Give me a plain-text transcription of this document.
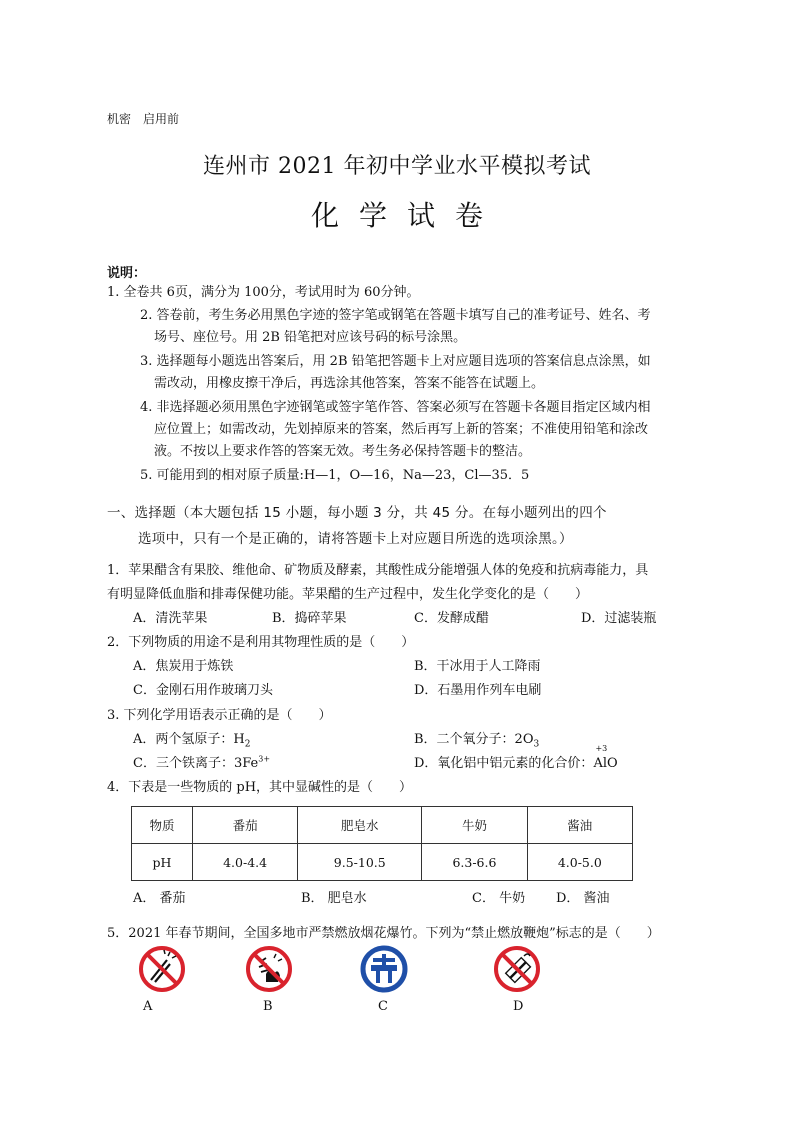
机密　启用前
连州市 2021 年初中学业水平模拟考试
化学试卷
说明：
1. 全卷共 6页，满分为 100分，考试用时为 60分钟。
2. 答卷前，考生务必用黑色字迹的签字笔或钢笔在答题卡填写自己的准考证号、姓名、考
场号、座位号。用 2B 铅笔把对应该号码的标号涂黑。
3. 选择题每小题选出答案后，用 2B 铅笔把答题卡上对应题目选项的答案信息点涂黑，如
需改动，用橡皮擦干净后，再选涂其他答案，答案不能答在试题上。
4. 非选择题必须用黑色字迹钢笔或签字笔作答、答案必须写在答题卡各题目指定区域内相
应位置上；如需改动，先划掉原来的答案，然后再写上新的答案；不准使用铅笔和涂改
液。不按以上要求作答的答案无效。考生务必保持答题卡的整洁。
5. 可能用到的相对原子质量:H—1，O—16，Na—23，Cl—35．5
一、选择题（本大题包括 15 小题，每小题 3 分，共 45 分。在每小题列出的四个
选项中，只有一个是正确的，请将答题卡上对应题目所选的选项涂黑。）
1．苹果醋含有果胶、维他命、矿物质及酵素，其酸性成分能增强人体的免疫和抗病毒能力，具
有明显降低血脂和排毒保健功能。苹果醋的生产过程中，发生化学变化的是（　　）
A．清洗苹果	B．捣碎苹果	C．发酵成醋	D．过滤装瓶
2．下列物质的用途不是利用其物理性质的是（　　）
A．焦炭用于炼铁	B．干冰用于人工降雨
C．金刚石用作玻璃刀头	D．石墨用作列车电刷
3. 下列化学用语表示正确的是（　　）
A．两个氢原子：$H_2$	B．二个氧分子：$2O_3$
C．三个铁离子：$3Fe^{3+}$	D．氧化铝中铝元素的化合价：
+3
AlO
4．下表是一些物质的 pH，其中显碱性的是（　　）
物质	番茄	肥皂水	牛奶	酱油
pH	4.0-4.4	9.5-10.5	6.3-6.6	4.0-5.0
A． 番茄	B． 肥皂水	C． 牛奶 D． 酱油
5．2021 年春节期间，全国多地市严禁燃放烟花爆竹。下列为“禁止燃放鞭炮”标志的是（　　）
A	B	C	D
